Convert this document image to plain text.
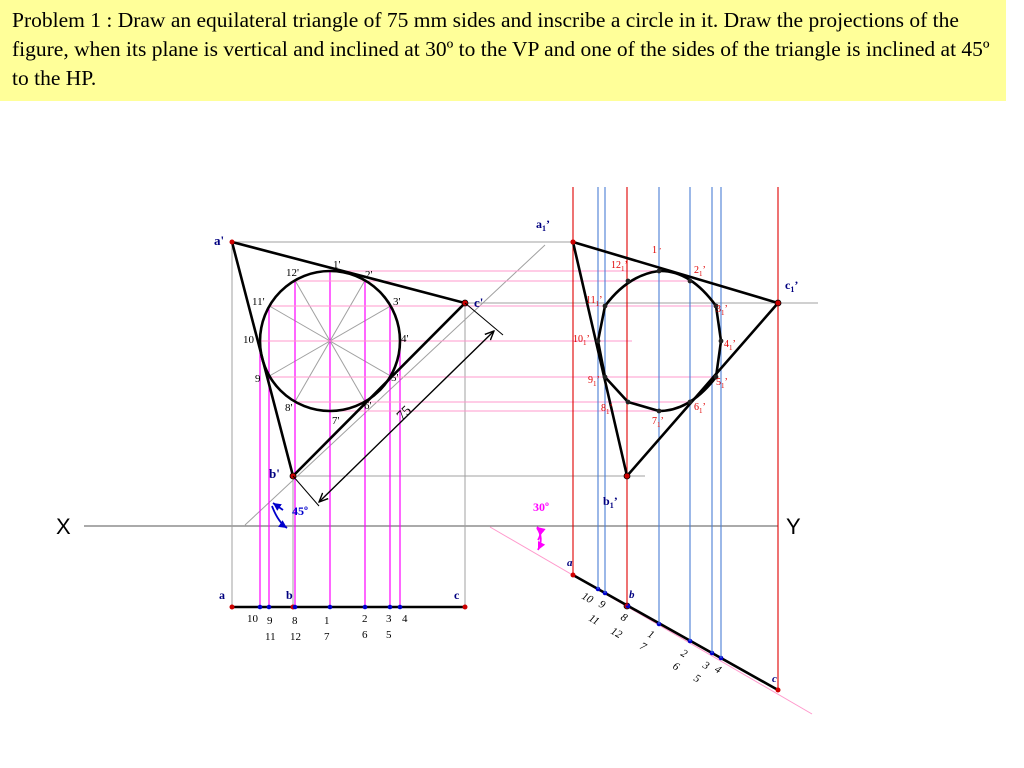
Problem 1 : Draw an equilateral triangle of 75 mm sides and inscribe a circle in it. Draw the projections of the figure, when its plane is vertical and inclined at 30º to the VP and one of the sides of the triangle is inclined at 45º to the HP.

X	Y
a'
c'
b'
1'
2'
3'
4'
5'
6'
7'
8'
9
10
11'
12'
75
45º
a	b	c
10 9 8 1	2 3 4
11 12 7	6 5
30º
a
b
c
10 9
11 8
12 1
7
2
6 3
5
4
$a_1$’
$c_1$’
$b_1$’
1 ’
$2_1$’
$3_1$’
$4_1$’
$5_1$’
$6_1$’
$7_1$’
$8_1$’
$9_1$’
$10_1$’
$11_1$’
$12_1$’
